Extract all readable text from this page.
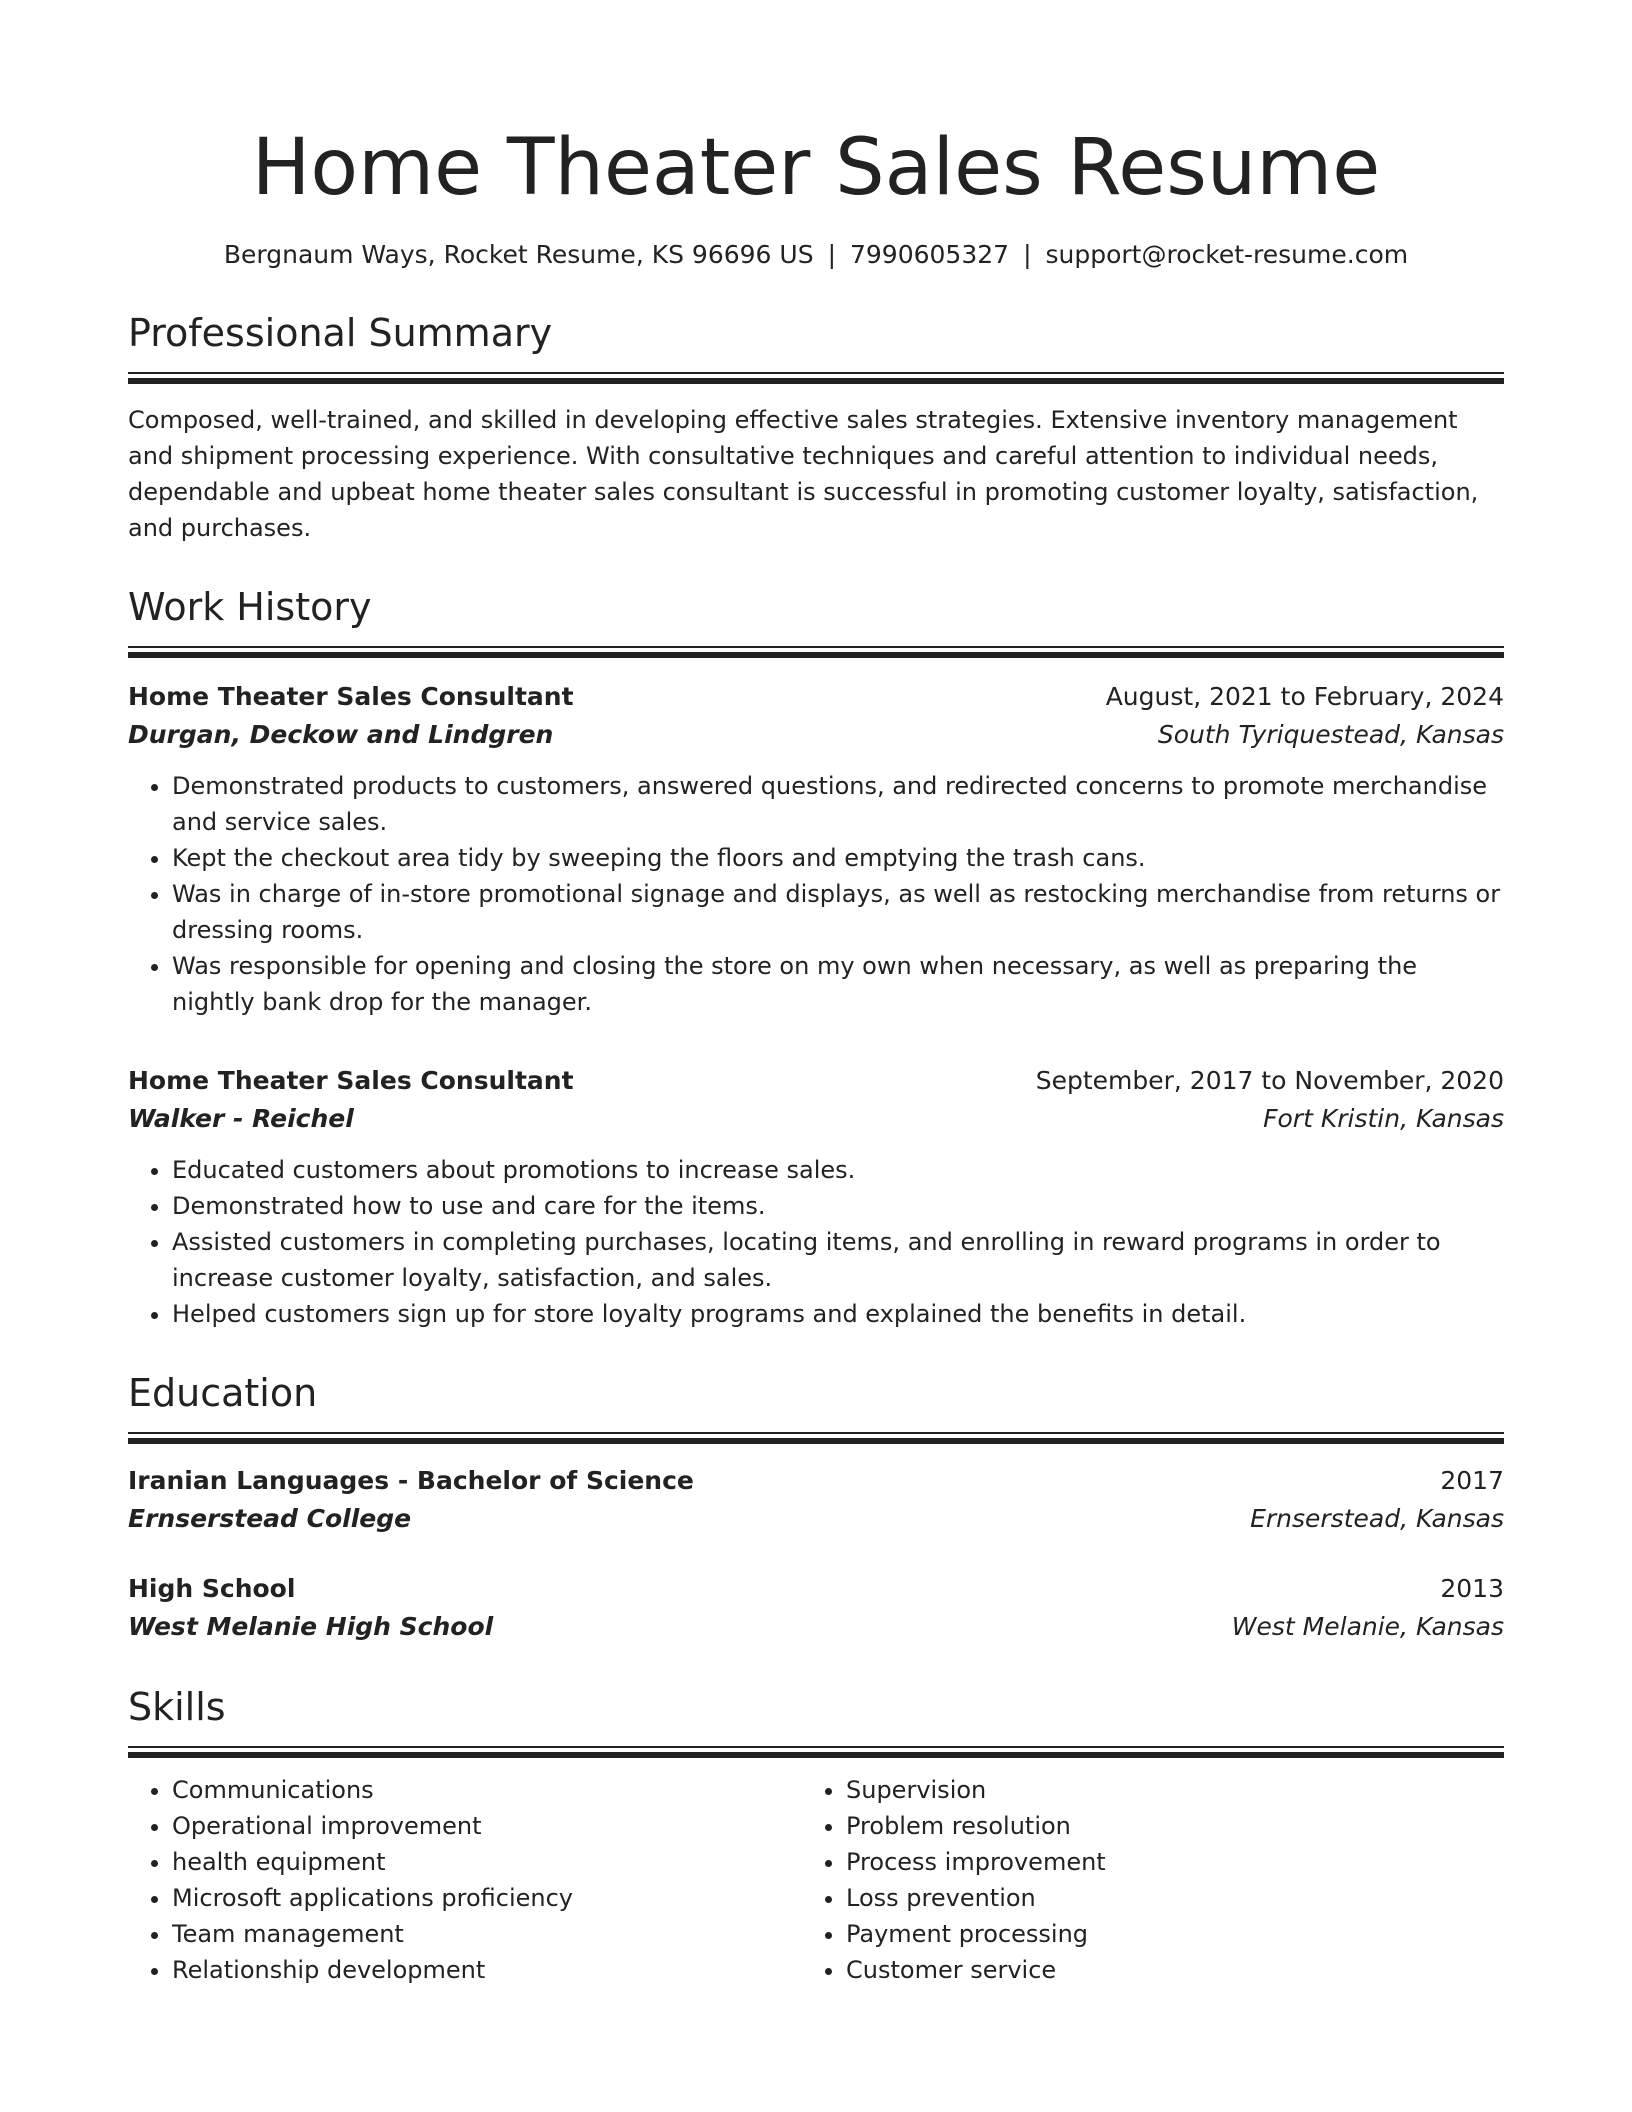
Home Theater Sales Resume
Bergnaum Ways, Rocket Resume, KS 96696 US | 7990605327 | support@rocket-resume.com
Professional Summary
Composed, well-trained, and skilled in developing effective sales strategies. Extensive inventory management and shipment processing experience. With consultative techniques and careful attention to individual needs, dependable and upbeat home theater sales consultant is successful in promoting customer loyalty, satisfaction, and purchases.
Work History
Home Theater Sales Consultant	August, 2021 to February, 2024
Durgan, Deckow and Lindgren	South Tyriquestead, Kansas
• Demonstrated products to customers, answered questions, and redirected concerns to promote merchandise and service sales.
• Kept the checkout area tidy by sweeping the floors and emptying the trash cans.
• Was in charge of in-store promotional signage and displays, as well as restocking merchandise from returns or dressing rooms.
• Was responsible for opening and closing the store on my own when necessary, as well as preparing the nightly bank drop for the manager.
Home Theater Sales Consultant	September, 2017 to November, 2020
Walker - Reichel	Fort Kristin, Kansas
• Educated customers about promotions to increase sales.
• Demonstrated how to use and care for the items.
• Assisted customers in completing purchases, locating items, and enrolling in reward programs in order to increase customer loyalty, satisfaction, and sales.
• Helped customers sign up for store loyalty programs and explained the benefits in detail.
Education
Iranian Languages - Bachelor of Science	2017
Ernserstead College	Ernserstead, Kansas
High School	2013
West Melanie High School	West Melanie, Kansas
Skills
• Communications
• Operational improvement
• health equipment
• Microsoft applications proficiency
• Team management
• Relationship development
• Supervision
• Problem resolution
• Process improvement
• Loss prevention
• Payment processing
• Customer service
